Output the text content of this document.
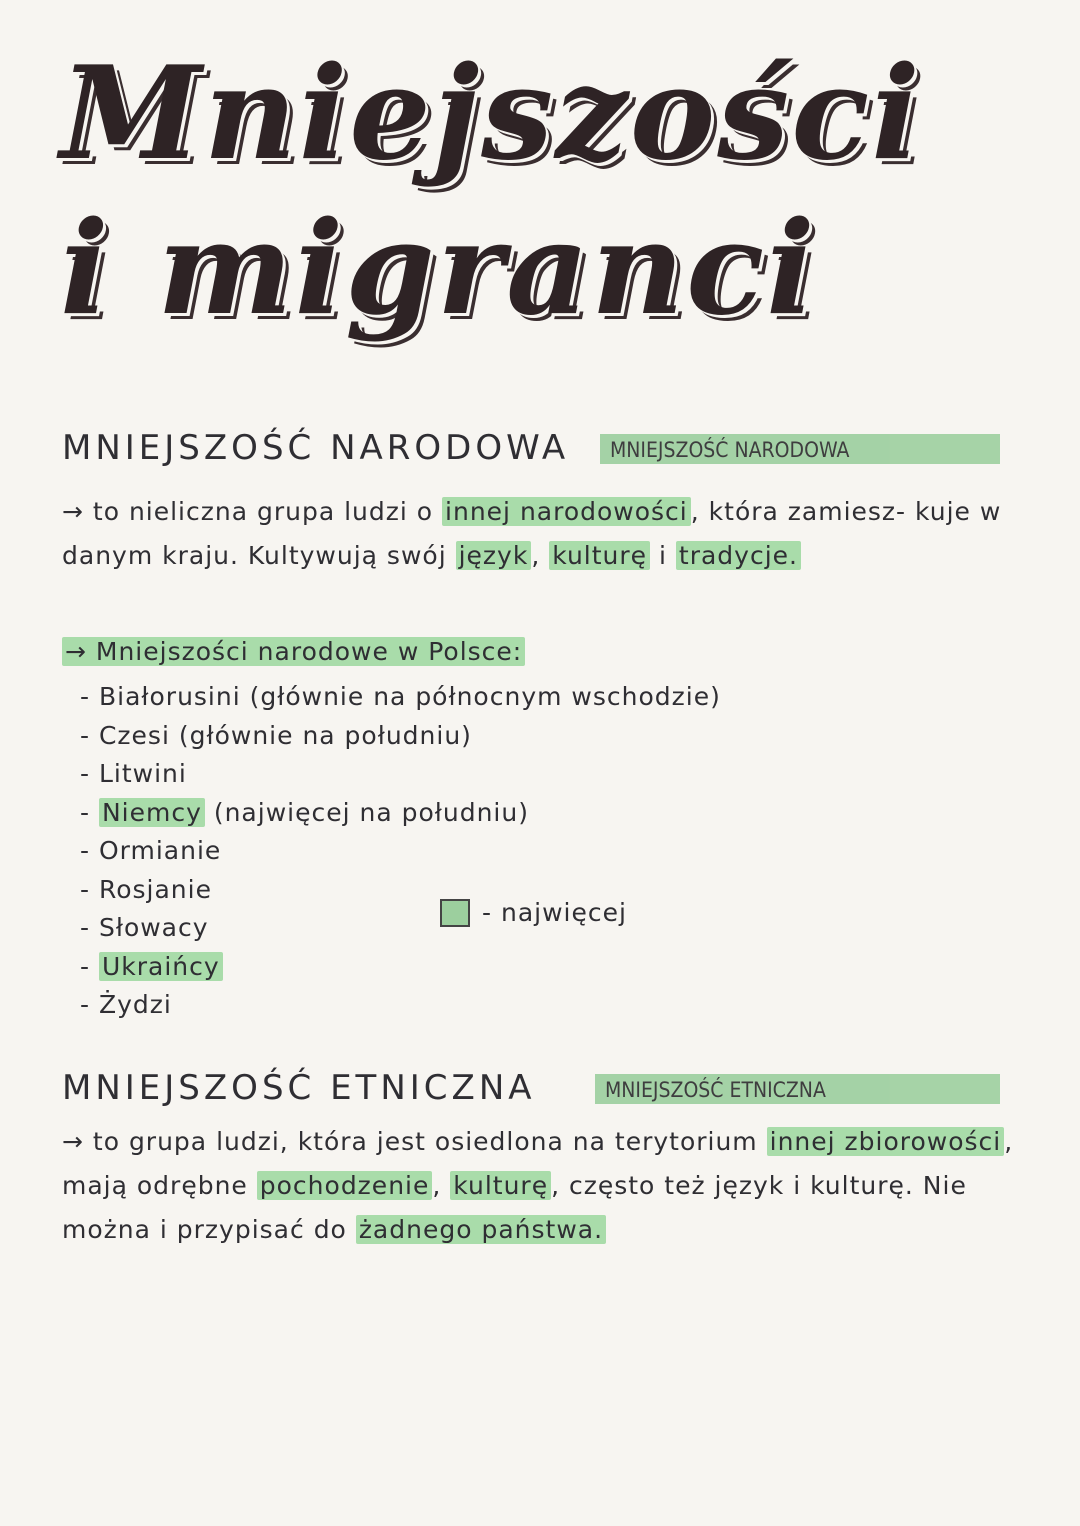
Mniejszości
i migranci
MNIEJSZOŚĆ NARODOWA	MNIEJSZOŚĆ NARODOWA
→ to nieliczna grupa ludzi o innej narodowości , która zamiesz- kuje w danym kraju. Kultywują swój język , kulturę i tradycje.
→ Mniejszości narodowe w Polsce:
- Białorusini (głównie na północnym wschodzie)
- Czesi (głównie na południu)
- Litwini
- Niemcy (najwięcej na południu)
- Ormianie
- Rosjanie
- Słowacy
- Ukraińcy
- Żydzi
- najwięcej
MNIEJSZOŚĆ ETNICZNA	MNIEJSZOŚĆ ETNICZNA
→ to grupa ludzi, która jest osiedlona na terytorium innej zbiorowości , mają odrębne pochodzenie , kulturę , często też język i kulturę. Nie można i przypisać do żadnego państwa.
